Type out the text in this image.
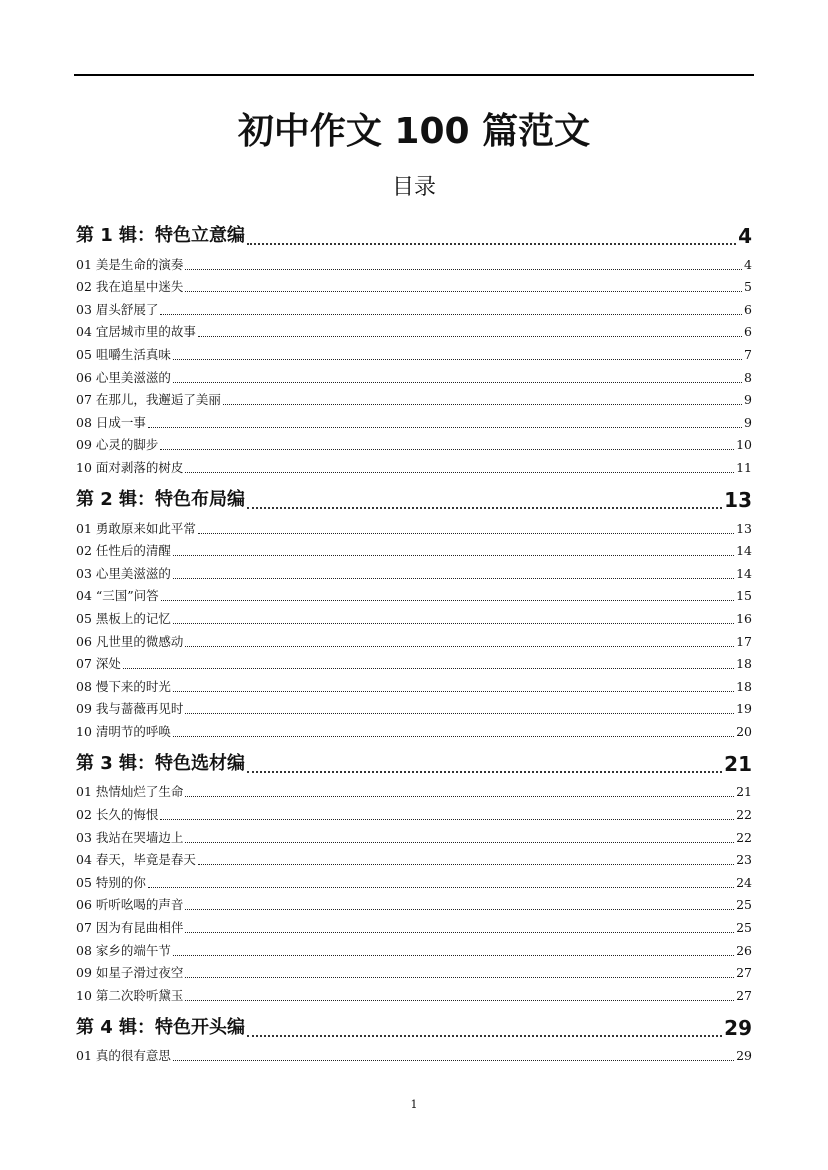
初中作文 100 篇范文
目录
第 1 辑：特色立意编	4
01 美是生命的演奏	4
02 我在追星中迷失	5
03 眉头舒展了	6
04 宜居城市里的故事	6
05 咀嚼生活真味	7
06 心里美滋滋的	8
07 在那儿，我邂逅了美丽	9
08 日成一事	9
09 心灵的脚步	10
10 面对剥落的树皮	11
第 2 辑：特色布局编	13
01 勇敢原来如此平常	13
02 任性后的清醒	14
03 心里美滋滋的	14
04 “三国”问答	15
05 黑板上的记忆	16
06 凡世里的微感动	17
07 深处	18
08 慢下来的时光	18
09 我与蔷薇再见时	19
10 清明节的呼唤	20
第 3 辑：特色选材编	21
01 热情灿烂了生命	21
02 长久的悔恨	22
03 我站在哭墙边上	22
04 春天，毕竟是春天	23
05 特别的你	24
06 听听吆喝的声音	25
07 因为有昆曲相伴	25
08 家乡的端午节	26
09 如星子滑过夜空	27
10 第二次聆听黛玉	27
第 4 辑：特色开头编	29
01 真的很有意思	29
1
